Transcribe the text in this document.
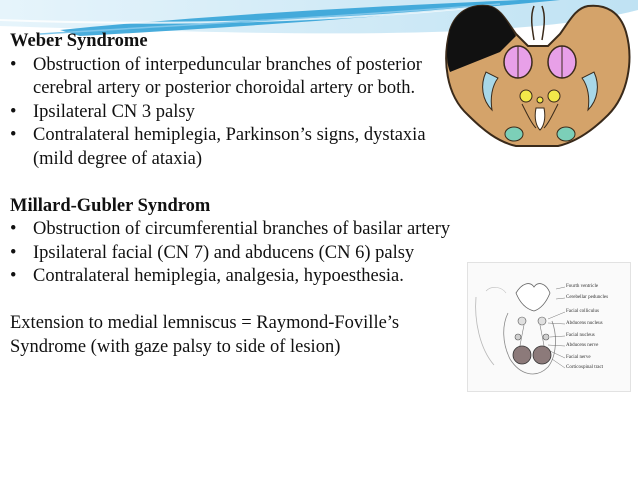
Weber Syndrome
• Obstruction of interpeduncular branches of posterior cerebral artery or posterior choroidal artery or both.
• Ipsilateral CN 3 palsy
• Contralateral hemiplegia, Parkinson’s signs, dystaxia (mild degree of ataxia)
Millard-Gubler Syndrom
• Obstruction of circumferential branches of basilar artery
• Ipsilateral facial (CN 7) and abducens (CN 6) palsy
• Contralateral hemiplegia, analgesia, hypoesthesia.
Extension to medial lemniscus = Raymond-Foville’s Syndrome (with gaze palsy to side of lesion)
Fourth ventricle
Cerebellar peduncles
Facial colliculus
Abducens nucleus
Facial nucleus
Abducens nerve
Facial nerve
Corticospinal tract
